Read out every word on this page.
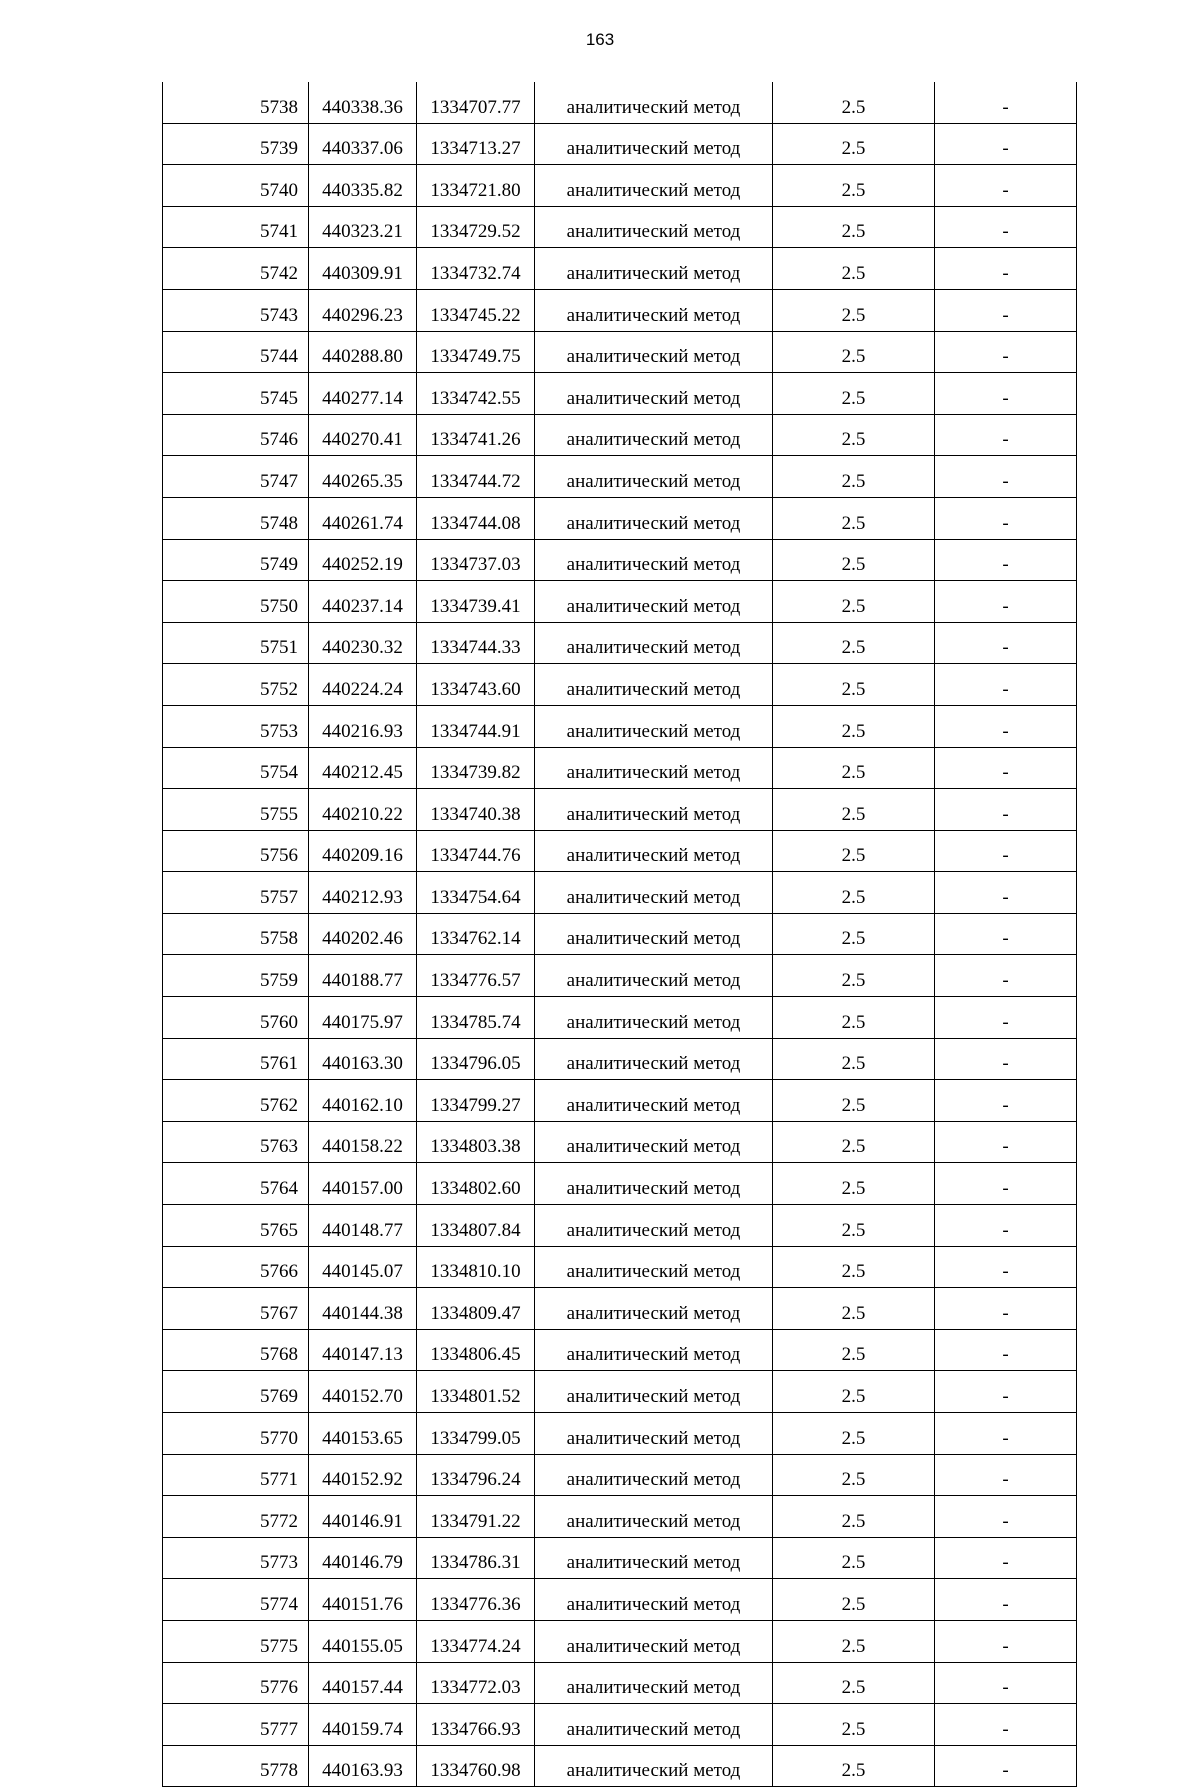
163
5738	440338.36	1334707.77	аналитический метод	2.5	-
5739	440337.06	1334713.27	аналитический метод	2.5	-
5740	440335.82	1334721.80	аналитический метод	2.5	-
5741	440323.21	1334729.52	аналитический метод	2.5	-
5742	440309.91	1334732.74	аналитический метод	2.5	-
5743	440296.23	1334745.22	аналитический метод	2.5	-
5744	440288.80	1334749.75	аналитический метод	2.5	-
5745	440277.14	1334742.55	аналитический метод	2.5	-
5746	440270.41	1334741.26	аналитический метод	2.5	-
5747	440265.35	1334744.72	аналитический метод	2.5	-
5748	440261.74	1334744.08	аналитический метод	2.5	-
5749	440252.19	1334737.03	аналитический метод	2.5	-
5750	440237.14	1334739.41	аналитический метод	2.5	-
5751	440230.32	1334744.33	аналитический метод	2.5	-
5752	440224.24	1334743.60	аналитический метод	2.5	-
5753	440216.93	1334744.91	аналитический метод	2.5	-
5754	440212.45	1334739.82	аналитический метод	2.5	-
5755	440210.22	1334740.38	аналитический метод	2.5	-
5756	440209.16	1334744.76	аналитический метод	2.5	-
5757	440212.93	1334754.64	аналитический метод	2.5	-
5758	440202.46	1334762.14	аналитический метод	2.5	-
5759	440188.77	1334776.57	аналитический метод	2.5	-
5760	440175.97	1334785.74	аналитический метод	2.5	-
5761	440163.30	1334796.05	аналитический метод	2.5	-
5762	440162.10	1334799.27	аналитический метод	2.5	-
5763	440158.22	1334803.38	аналитический метод	2.5	-
5764	440157.00	1334802.60	аналитический метод	2.5	-
5765	440148.77	1334807.84	аналитический метод	2.5	-
5766	440145.07	1334810.10	аналитический метод	2.5	-
5767	440144.38	1334809.47	аналитический метод	2.5	-
5768	440147.13	1334806.45	аналитический метод	2.5	-
5769	440152.70	1334801.52	аналитический метод	2.5	-
5770	440153.65	1334799.05	аналитический метод	2.5	-
5771	440152.92	1334796.24	аналитический метод	2.5	-
5772	440146.91	1334791.22	аналитический метод	2.5	-
5773	440146.79	1334786.31	аналитический метод	2.5	-
5774	440151.76	1334776.36	аналитический метод	2.5	-
5775	440155.05	1334774.24	аналитический метод	2.5	-
5776	440157.44	1334772.03	аналитический метод	2.5	-
5777	440159.74	1334766.93	аналитический метод	2.5	-
5778	440163.93	1334760.98	аналитический метод	2.5	-
